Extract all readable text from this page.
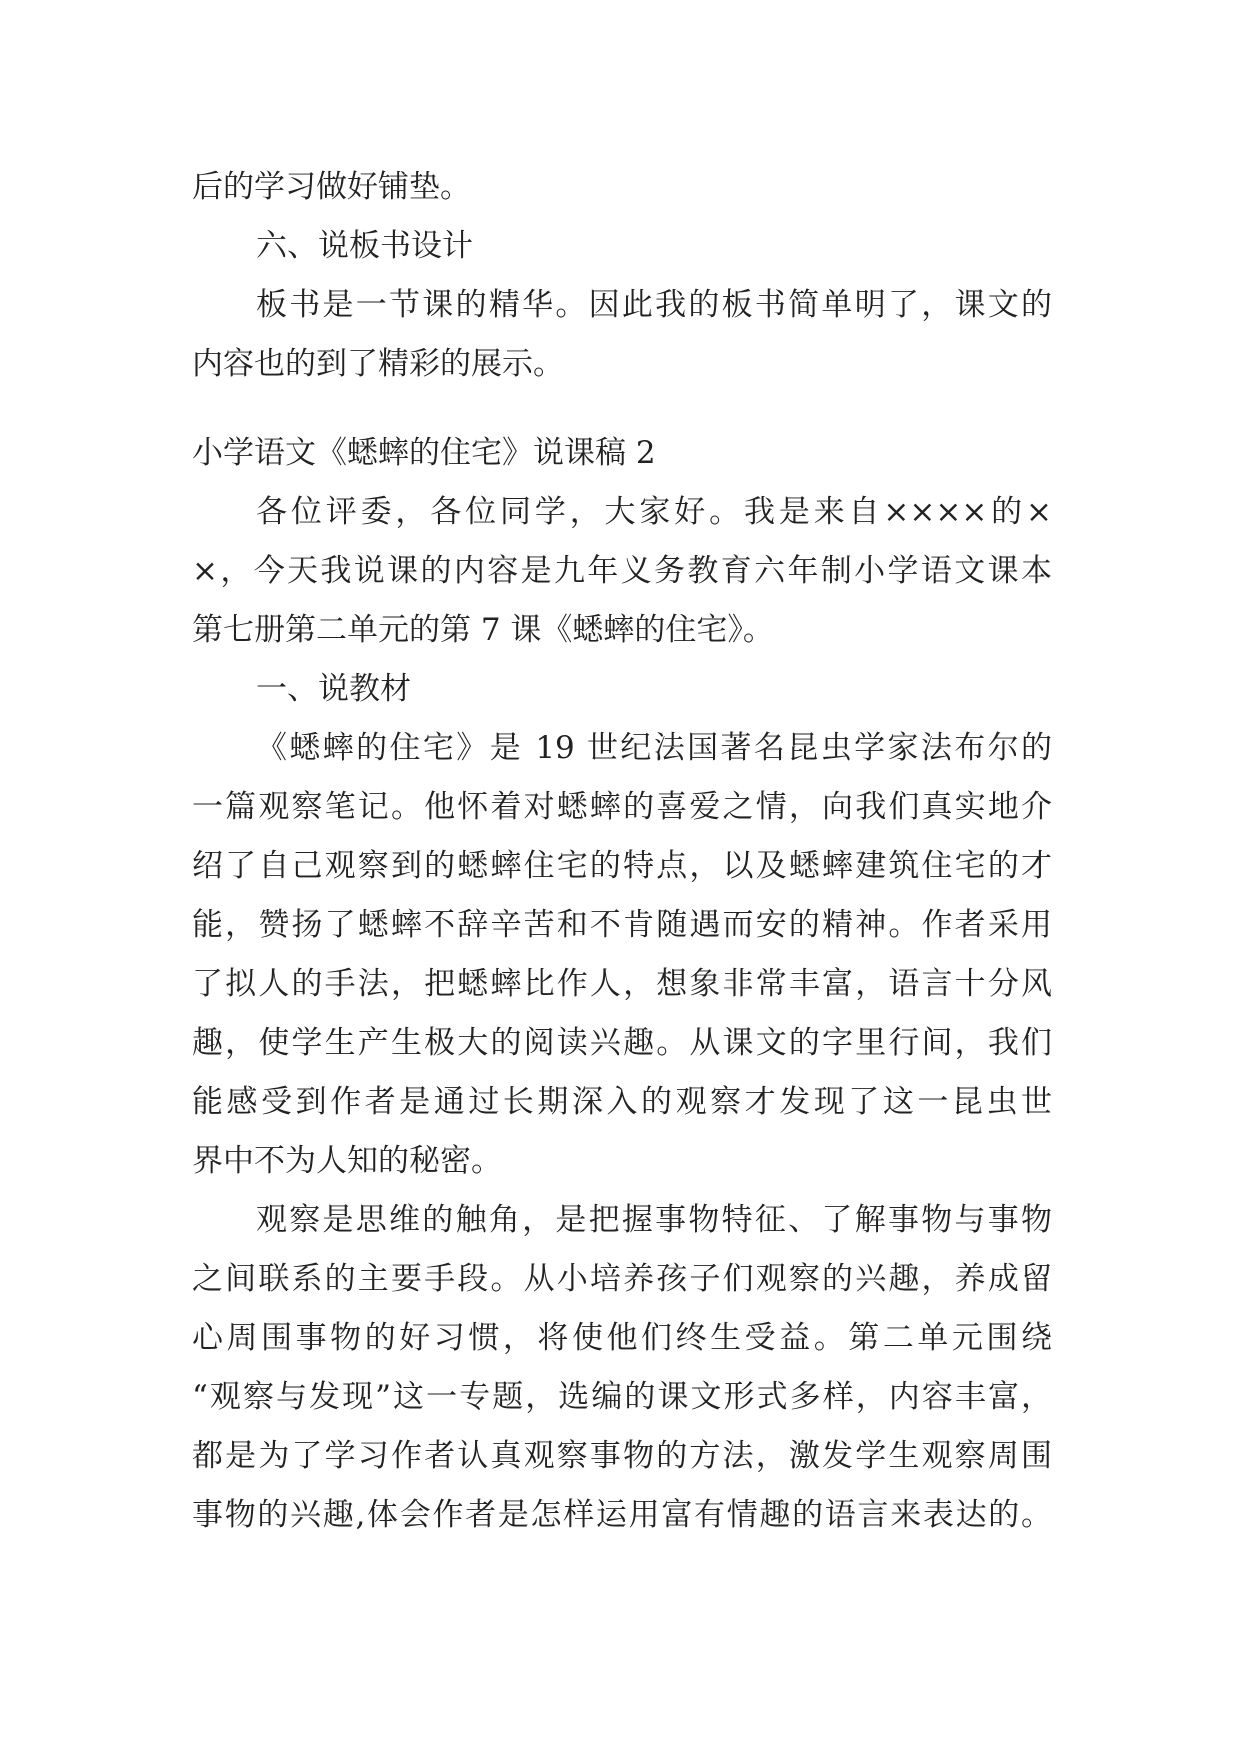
后的学习做好铺垫。
六、说板书设计
板书是一节课的精华。因此我的板书简单明了，课文的
内容也的到了精彩的展示。
小学语文《蟋蟀的住宅》说课稿 2
各位评委，各位同学，大家好。我是来自××××的×
×，今天我说课的内容是九年义务教育六年制小学语文课本
第七册第二单元的第 7 课《蟋蟀的住宅》。
一、说教材
《蟋蟀的住宅》是 19 世纪法国著名昆虫学家法布尔的
一篇观察笔记。他怀着对蟋蟀的喜爱之情，向我们真实地介
绍了自己观察到的蟋蟀住宅的特点，以及蟋蟀建筑住宅的才
能，赞扬了蟋蟀不辞辛苦和不肯随遇而安的精神。作者采用
了拟人的手法，把蟋蟀比作人，想象非常丰富，语言十分风
趣，使学生产生极大的阅读兴趣。从课文的字里行间，我们
能感受到作者是通过长期深入的观察才发现了这一昆虫世
界中不为人知的秘密。
观察是思维的触角，是把握事物特征、了解事物与事物
之间联系的主要手段。从小培养孩子们观察的兴趣，养成留
心周围事物的好习惯，将使他们终生受益。第二单元围绕
“观察与发现”这一专题，选编的课文形式多样，内容丰富，
都是为了学习作者认真观察事物的方法，激发学生观察周围
事物的兴趣,体会作者是怎样运用富有情趣的语言来表达的。
